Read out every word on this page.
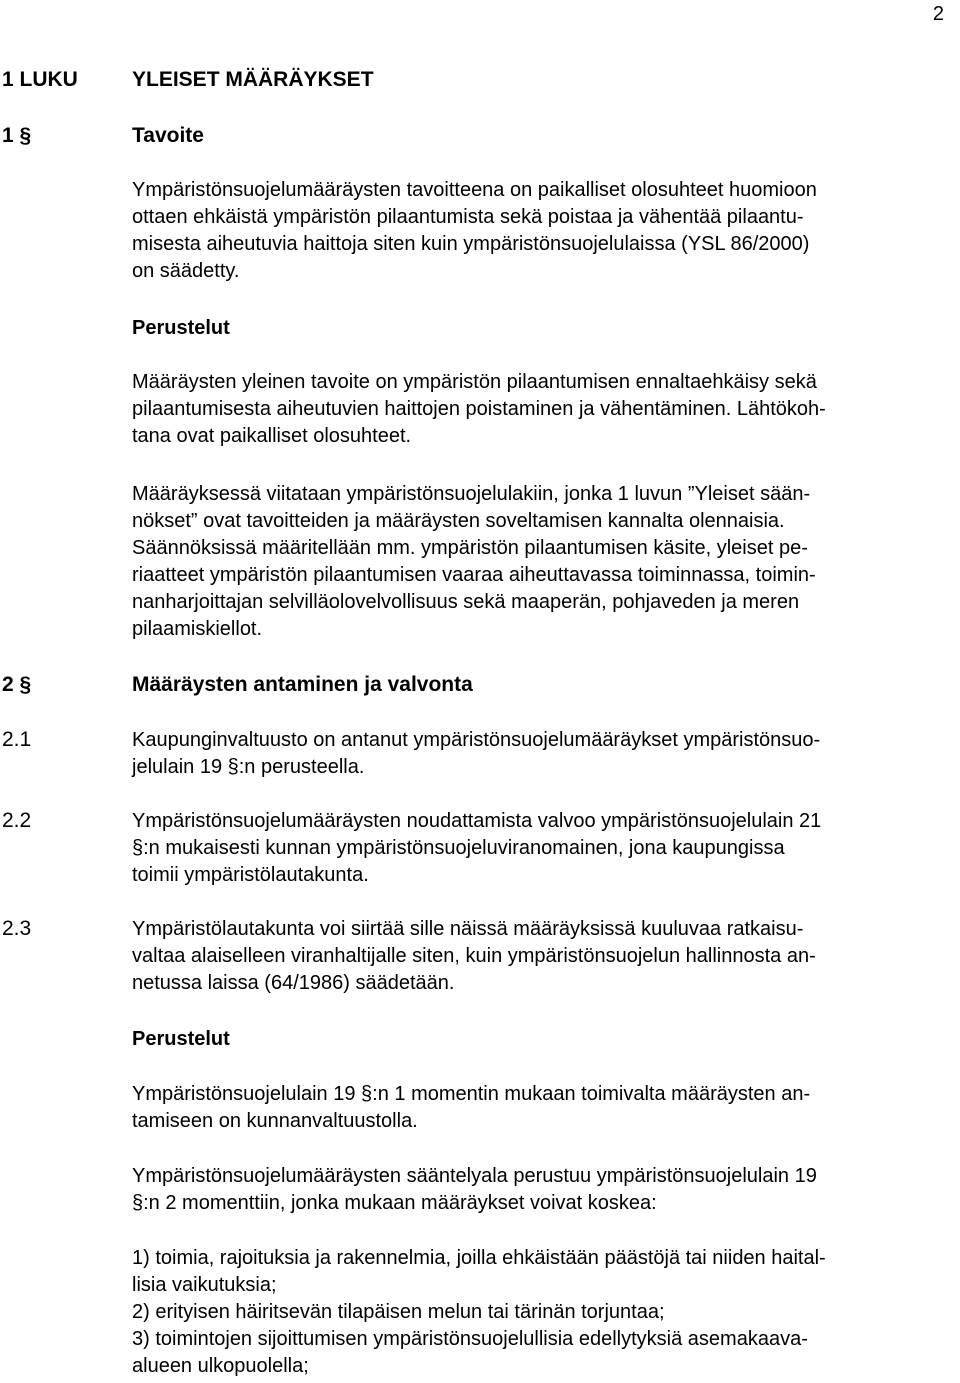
2
1 LUKU	YLEISET MÄÄRÄYKSET
1 §	Tavoite
Ympäristönsuojelumääräysten tavoitteena on paikalliset olosuhteet huomioon
ottaen ehkäistä ympäristön pilaantumista sekä poistaa ja vähentää pilaantu-
misesta aiheutuvia haittoja siten kuin ympäristönsuojelulaissa (YSL 86/2000)
on säädetty.
Perustelut
Määräysten yleinen tavoite on ympäristön pilaantumisen ennaltaehkäisy sekä
pilaantumisesta aiheutuvien haittojen poistaminen ja vähentäminen. Lähtökoh-
tana ovat paikalliset olosuhteet.
Määräyksessä viitataan ympäristönsuojelulakiin, jonka 1 luvun ”Yleiset sään-
nökset” ovat tavoitteiden ja määräysten soveltamisen kannalta olennaisia.
Säännöksissä määritellään mm. ympäristön pilaantumisen käsite, yleiset pe-
riaatteet ympäristön pilaantumisen vaaraa aiheuttavassa toiminnassa, toimin-
nanharjoittajan selvilläolovelvollisuus sekä maaperän, pohjaveden ja meren
pilaamiskiellot.
2 §	Määräysten antaminen ja valvonta
2.1	Kaupunginvaltuusto on antanut ympäristönsuojelumääräykset ympäristönsuo-
jelulain 19 §:n perusteella.
2.2	Ympäristönsuojelumääräysten noudattamista valvoo ympäristönsuojelulain 21
§:n mukaisesti kunnan ympäristönsuojeluviranomainen, jona kaupungissa
toimii ympäristölautakunta.
2.3	Ympäristölautakunta voi siirtää sille näissä määräyksissä kuuluvaa ratkaisu-
valtaa alaiselleen viranhaltijalle siten, kuin ympäristönsuojelun hallinnosta an-
netussa laissa (64/1986) säädetään.
Perustelut
Ympäristönsuojelulain 19 §:n 1 momentin mukaan toimivalta määräysten an-
tamiseen on kunnanvaltuustolla.
Ympäristönsuojelumääräysten sääntelyala perustuu ympäristönsuojelulain 19
§:n 2 momenttiin, jonka mukaan määräykset voivat koskea:
1) toimia, rajoituksia ja rakennelmia, joilla ehkäistään päästöjä tai niiden haital-
lisia vaikutuksia;
2) erityisen häiritsevän tilapäisen melun tai tärinän torjuntaa;
3) toimintojen sijoittumisen ympäristönsuojelullisia edellytyksiä asemakaava-
alueen ulkopuolella;
